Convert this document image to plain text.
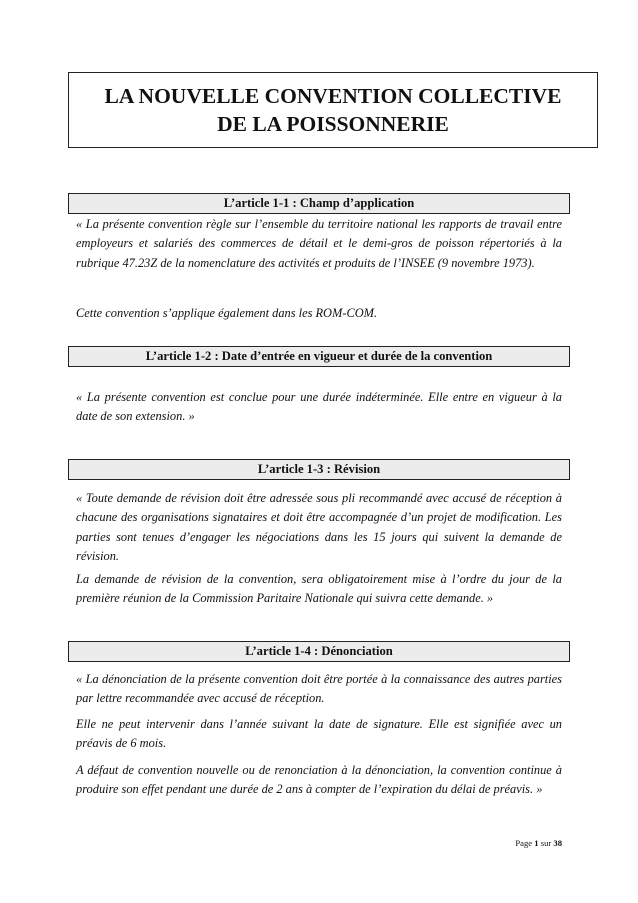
LA NOUVELLE CONVENTION COLLECTIVE
DE LA POISSONNERIE
L’article 1-1 : Champ d’application

« La présente convention règle sur l’ensemble du territoire national les rapports de travail entre employeurs et salariés des commerces de détail et le demi-gros de poisson répertoriés à la rubrique 47.23Z de la nomenclature des activités et produits de l’INSEE (9 novembre 1973).

Cette convention s’applique également dans les ROM-COM.

L’article 1-2 : Date d’entrée en vigueur et durée de la convention

« La présente convention est conclue pour une durée indéterminée. Elle entre en vigueur à la date de son extension. »

L’article 1-3 : Révision

« Toute demande de révision doit être adressée sous pli recommandé avec accusé de réception à chacune des organisations signataires et doit être accompagnée d’un projet de modification. Les parties sont tenues d’engager les négociations dans les 15 jours qui suivent la demande de révision.

La demande de révision de la convention, sera obligatoirement mise à l’ordre du jour de la première réunion de la Commission Paritaire Nationale qui suivra cette demande. »

L’article 1-4 : Dénonciation

« La dénonciation de la présente convention doit être portée à la connaissance des autres parties par lettre recommandée avec accusé de réception.

Elle ne peut intervenir dans l’année suivant la date de signature. Elle est signifiée avec un préavis de 6 mois.

A défaut de convention nouvelle ou de renonciation à la dénonciation, la convention continue à produire son effet pendant une durée de 2 ans à compter de l’expiration du délai de préavis. »

Page 1 sur 38
